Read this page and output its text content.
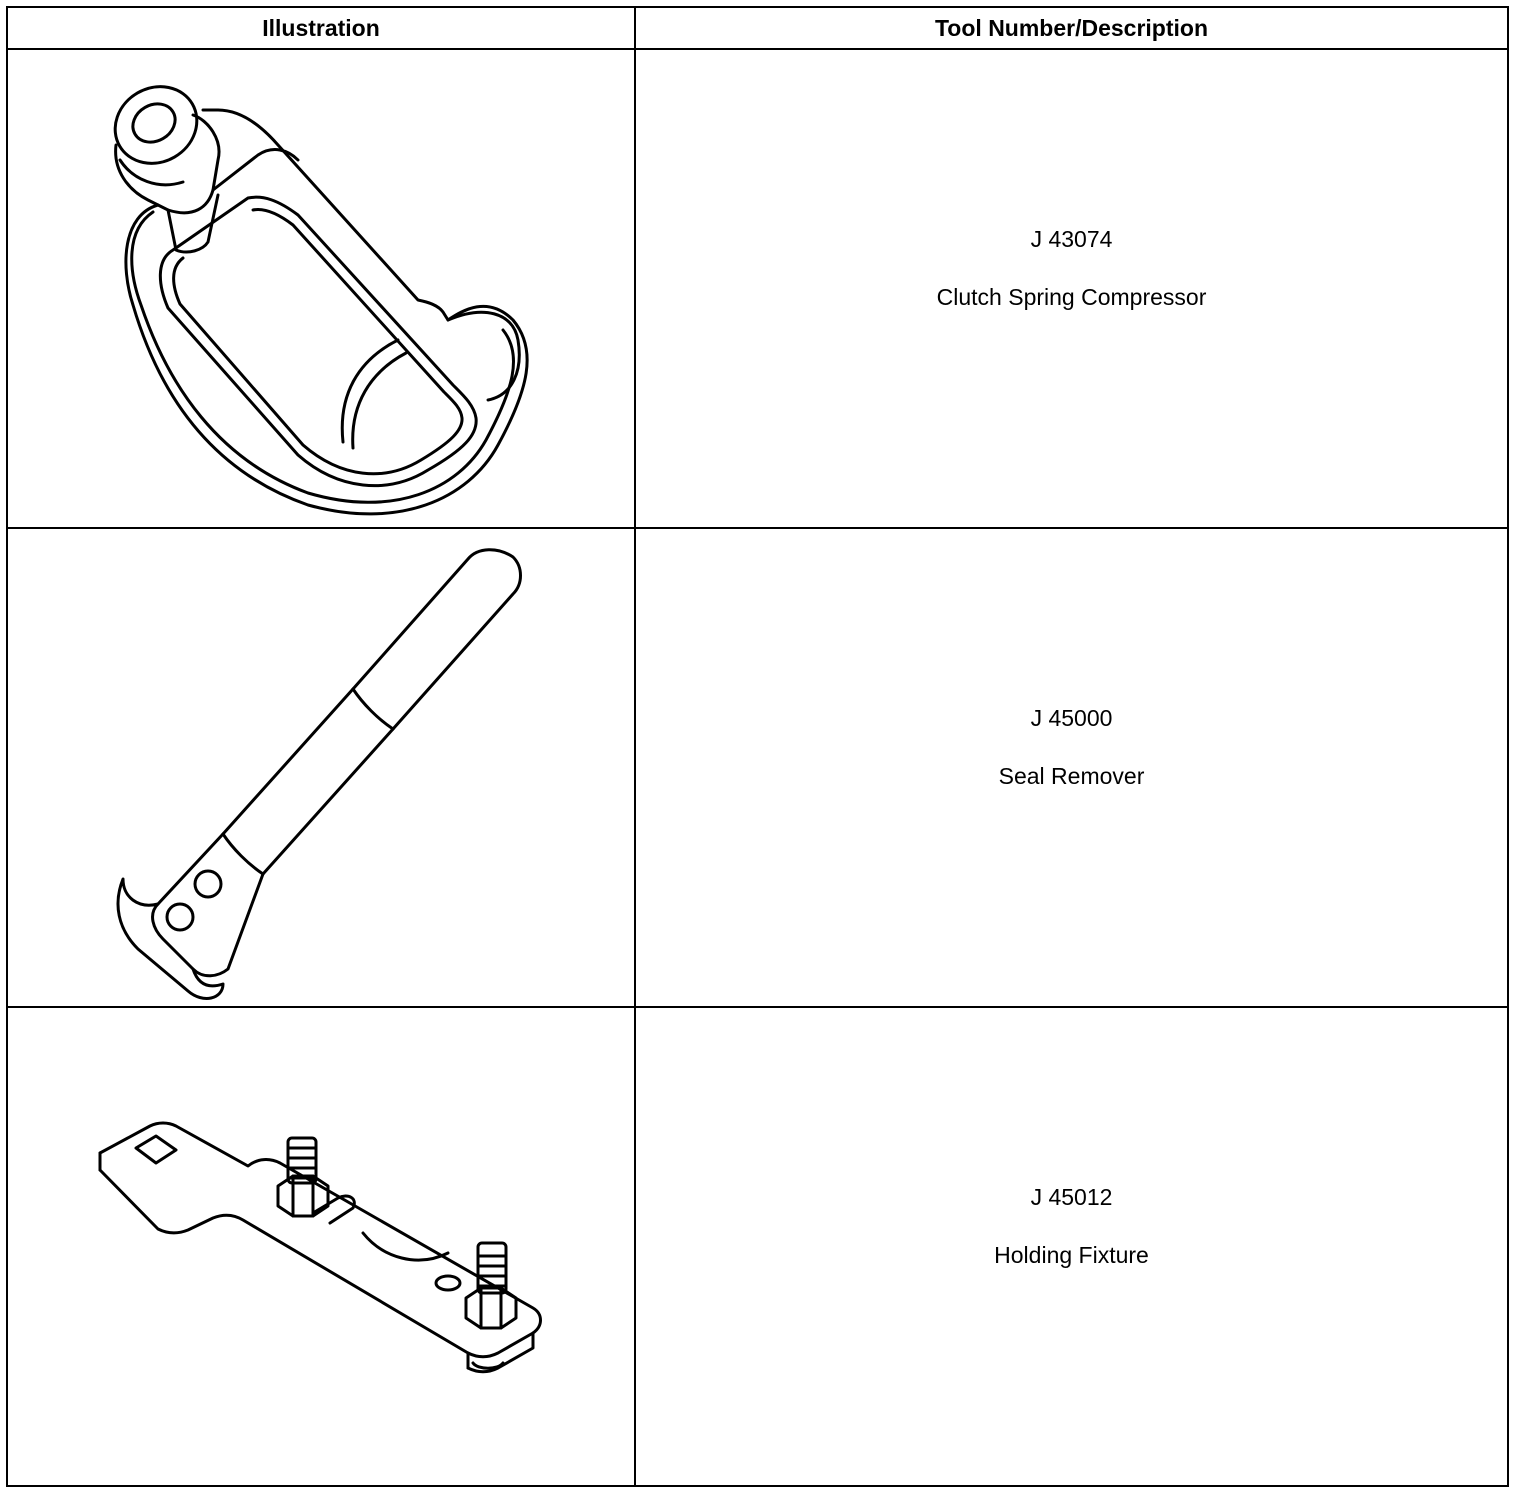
Illustration	Tool Number/Description

J 43074
Clutch Spring Compressor

J 45000
Seal Remover

J 45012
Holding Fixture
